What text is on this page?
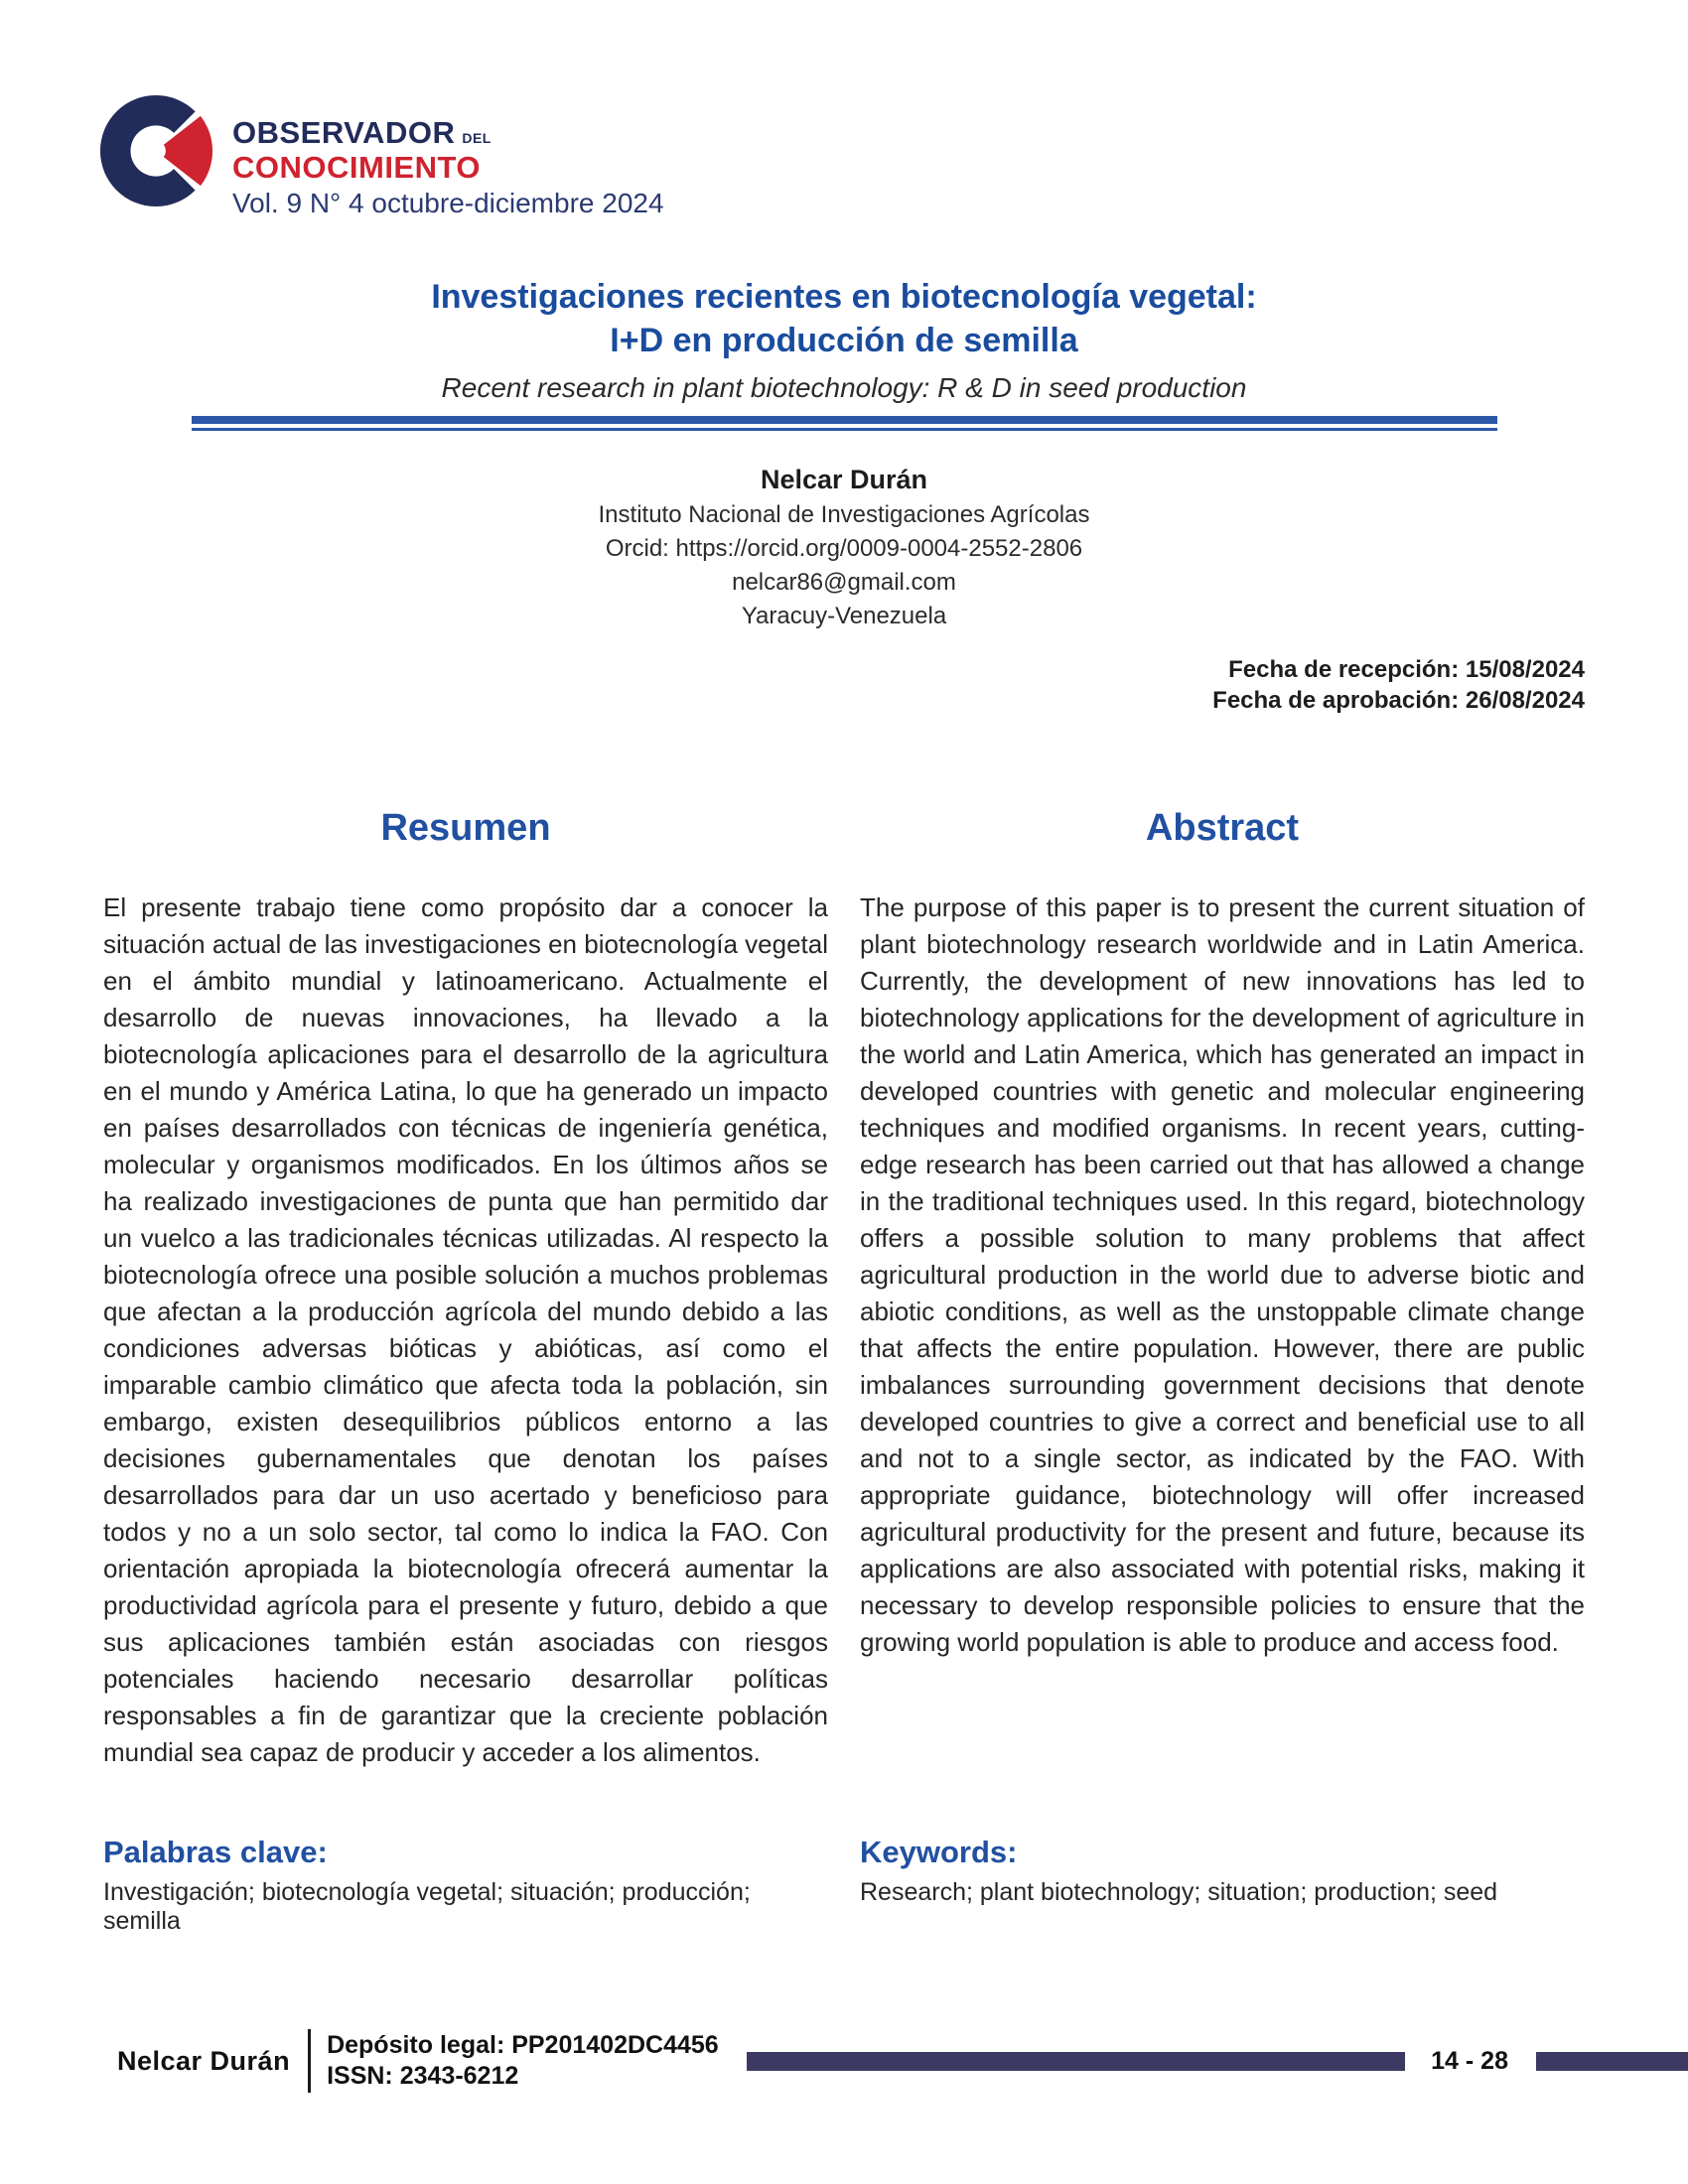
OBSERVADOR DEL
CONOCIMIENTO
Vol. 9 N° 4 octubre-diciembre 2024
Investigaciones recientes en biotecnología vegetal:
I+D en producción de semilla
Recent research in plant biotechnology: R & D in seed production
Nelcar Durán
Instituto Nacional de Investigaciones Agrícolas
Orcid: https://orcid.org/0009-0004-2552-2806
nelcar86@gmail.com
Yaracuy-Venezuela
Fecha de recepción: 15/08/2024
Fecha de aprobación: 26/08/2024
Resumen
El presente trabajo tiene como propósito dar a conocer la situación actual de las investigaciones en biotecnología vegetal en el ámbito mundial y latinoamericano. Actualmente el desarrollo de nuevas innovaciones, ha llevado a la biotecnología aplicaciones para el desarrollo de la agricultura en el mundo y América Latina, lo que ha generado un impacto en países desarrollados con técnicas de ingeniería genética, molecular y organismos modificados. En los últimos años se ha realizado investigaciones de punta que han permitido dar un vuelco a las tradicionales técnicas utilizadas. Al respecto la biotecnología ofrece una posible solución a muchos problemas que afectan a la producción agrícola del mundo debido a las condiciones adversas bióticas y abióticas, así como el imparable cambio climático que afecta toda la población, sin embargo, existen desequilibrios públicos entorno a las decisiones gubernamentales que denotan los países desarrollados para dar un uso acertado y beneficioso para todos y no a un solo sector, tal como lo indica la FAO. Con orientación apropiada la biotecnología ofrecerá aumentar la productividad agrícola para el presente y futuro, debido a que sus aplicaciones también están asociadas con riesgos potenciales haciendo necesario desarrollar políticas responsables a fin de garantizar que la creciente población mundial sea capaz de producir y acceder a los alimentos.
Abstract
The purpose of this paper is to present the current situation of plant biotechnology research worldwide and in Latin America. Currently, the development of new innovations has led to biotechnology applications for the development of agriculture in the world and Latin America, which has generated an impact in developed countries with genetic and molecular engineering techniques and modified organisms. In recent years, cutting-edge research has been carried out that has allowed a change in the traditional techniques used. In this regard, biotechnology offers a possible solution to many problems that affect agricultural production in the world due to adverse biotic and abiotic conditions, as well as the unstoppable climate change that affects the entire population. However, there are public imbalances surrounding government decisions that denote developed countries to give a correct and beneficial use to all and not to a single sector, as indicated by the FAO. With appropriate guidance, biotechnology will offer increased agricultural productivity for the present and future, because its applications are also associated with potential risks, making it necessary to develop responsible policies to ensure that the growing world population is able to produce and access food.
Palabras clave:
Investigación; biotecnología vegetal; situación; producción; semilla
Keywords:
Research; plant biotechnology; situation; production; seed
Nelcar Durán
Depósito legal: PP201402DC4456
ISSN: 2343-6212
14 - 28
